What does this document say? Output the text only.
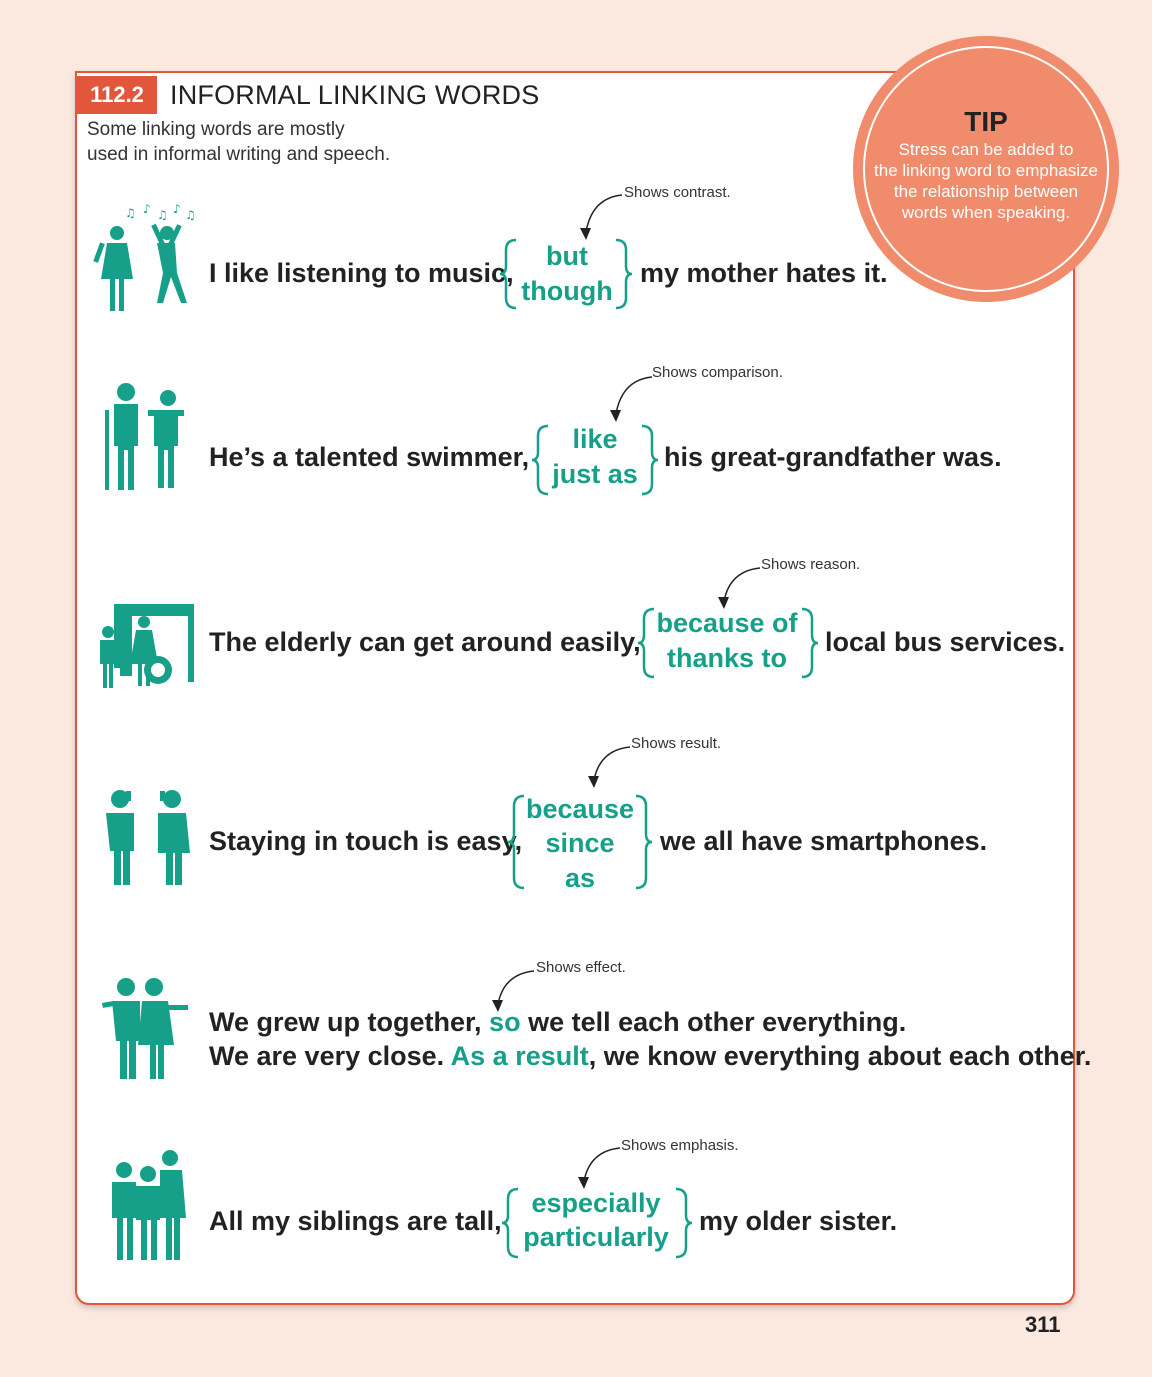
112.2 INFORMAL LINKING WORDS
Some linking words are mostly
used in informal writing and speech.
TIP
Stress can be added to
the linking word to emphasize
the relationship between
words when speaking.
♫ ♪ ♫ ♪ ♫
Shows contrast.
I like listening to music,
but
though
my mother hates it.
Shows comparison.
He’s a talented swimmer,
like
just as
his great-grandfather was.
Shows reason.
The elderly can get around easily,
because of
thanks to
local bus services.
Shows result.
Staying in touch is easy,
because
since
as
we all have smartphones.
Shows effect.
We grew up together, so we tell each other everything.
We are very close. As a result, we know everything about each other.
Shows emphasis.
All my siblings are tall,
especially
particularly
my older sister.
311
